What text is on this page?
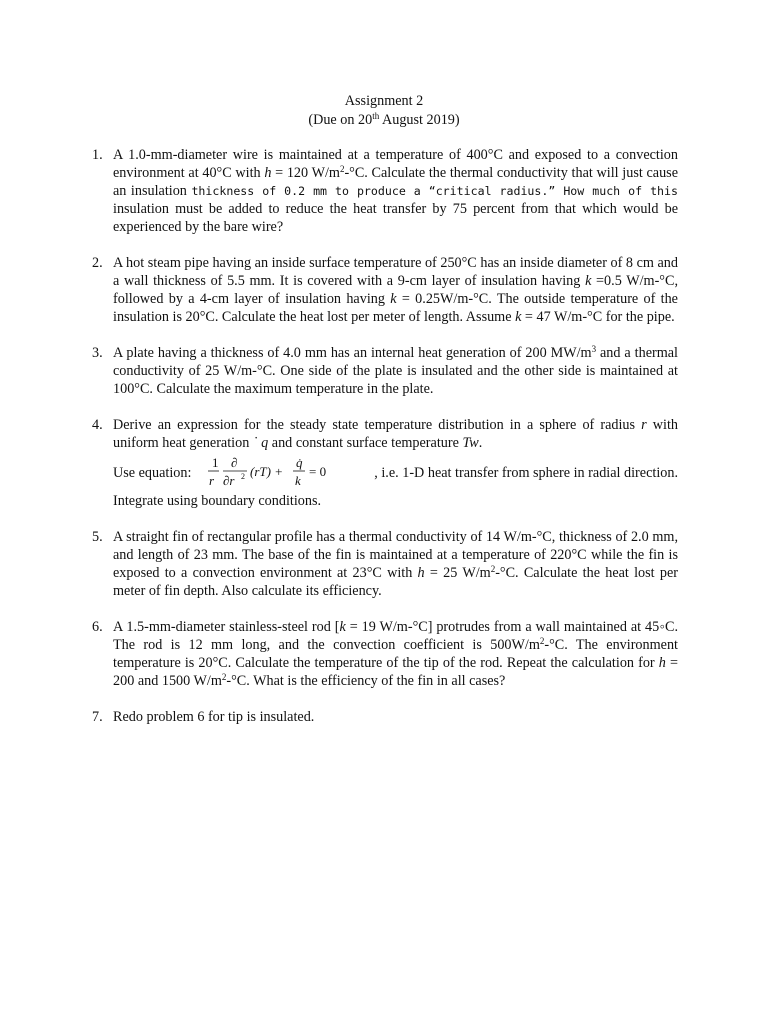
Assignment 2
(Due on 20th August 2019)
1. A 1.0-mm-diameter wire is maintained at a temperature of 400°C and exposed to a convection environment at 40°C with h = 120 $W/m^2-^\circ C$. Calculate the thermal conductivity that will just cause an insulation thickness of 0.2 mm to produce a “critical radius.” How much of this insulation must be added to reduce the heat transfer by 75 percent from that which would be experienced by the bare wire?
2. A hot steam pipe having an inside surface temperature of 250°C has an inside diameter of 8 cm and a wall thickness of 5.5 mm. It is covered with a 9-cm layer of insulation having k =0.5 W/m-°C, followed by a 4-cm layer of insulation having k = 0.25W/m-°C. The outside temperature of the insulation is 20°C. Calculate the heat lost per meter of length. Assume k = 47 W/m-°C for the pipe.
3. A plate having a thickness of 4.0 mm has an internal heat generation of 200 $MW/m^3$ and a thermal conductivity of 25 W/m-°C. One side of the plate is insulated and the other side is maintained at 100°C. Calculate the maximum temperature in the plate.
4. Derive an expression for the steady state temperature distribution in a sphere of radius r with uniform heat generation ˙ q and constant surface temperature Tw.
Use equation:
1
r
∂
∂r 2 (rT) +
q̇
k
= 0	, i.e. 1-D heat transfer from sphere in radial direction.
Integrate using boundary conditions.
5. A straight fin of rectangular profile has a thermal conductivity of 14 W/m-°C, thickness of 2.0 mm, and length of 23 mm. The base of the fin is maintained at a temperature of 220°C while the fin is exposed to a convection environment at 23°C with h = 25 $W/m^2-^\circ C$. Calculate the heat lost per meter of fin depth. Also calculate its efficiency.
6. A 1.5-mm-diameter stainless-steel rod [k = 19 W/m-°C] protrudes from a wall maintained at 45◦C. The rod is 12 mm long, and the convection coefficient is $500W/m^2-^\circ C$. The environment temperature is 20°C. Calculate the temperature of the tip of the rod. Repeat the calculation for h = 200 and 1500 $W/m^2-^\circ C$. What is the efficiency of the fin in all cases?
7. Redo problem 6 for tip is insulated.
